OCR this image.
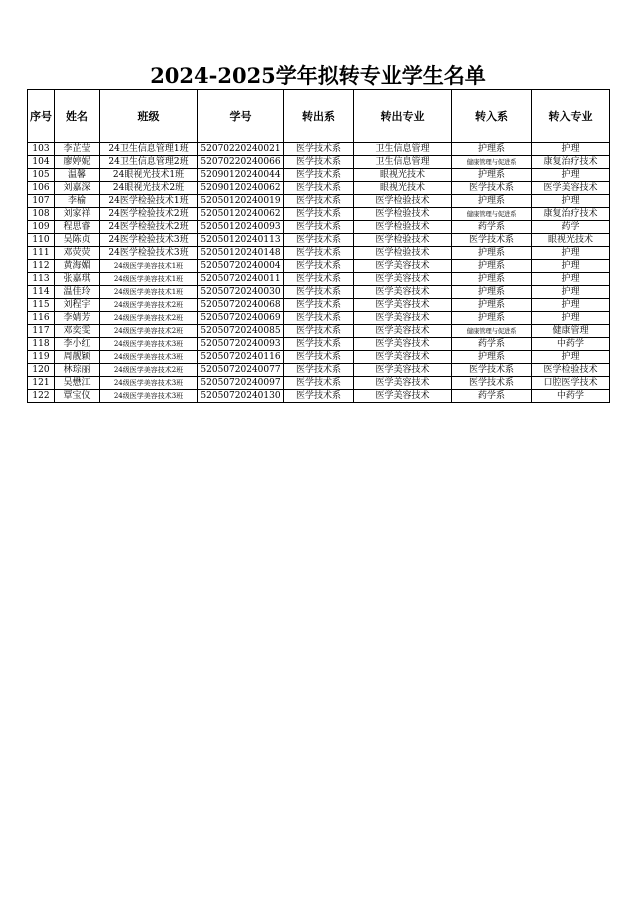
2024-2025学年拟转专业学生名单
序号	姓名	班级	学号	转出系	转出专业	转入系	转入专业
103	李芷莹	24卫生信息管理1班	52070220240021	医学技术系	卫生信息管理	护理系	护理
104	廖婷妮	24卫生信息管理2班	52070220240066	医学技术系	卫生信息管理	健康管理与促进系	康复治疗技术
105	温馨	24眼视光技术1班	52090120240044	医学技术系	眼视光技术	护理系	护理
106	刘嘉深	24眼视光技术2班	52090120240062	医学技术系	眼视光技术	医学技术系	医学美容技术
107	李榆	24医学检验技术1班	52050120240019	医学技术系	医学检验技术	护理系	护理
108	刘家祥	24医学检验技术2班	52050120240062	医学技术系	医学检验技术	健康管理与促进系	康复治疗技术
109	程思睿	24医学检验技术2班	52050120240093	医学技术系	医学检验技术	药学系	药学
110	吴陈贞	24医学检验技术3班	52050120240113	医学技术系	医学检验技术	医学技术系	眼视光技术
111	邓荧荧	24医学检验技术3班	52050120240148	医学技术系	医学检验技术	护理系	护理
112	黄海媚	24级医学美容技术1班	52050720240004	医学技术系	医学美容技术	护理系	护理
113	张嘉琪	24级医学美容技术1班	52050720240011	医学技术系	医学美容技术	护理系	护理
114	温佳玲	24级医学美容技术1班	52050720240030	医学技术系	医学美容技术	护理系	护理
115	刘程宇	24级医学美容技术2班	52050720240068	医学技术系	医学美容技术	护理系	护理
116	李婧芳	24级医学美容技术2班	52050720240069	医学技术系	医学美容技术	护理系	护理
117	邓奕雯	24级医学美容技术2班	52050720240085	医学技术系	医学美容技术	健康管理与促进系	健康管理
118	李小红	24级医学美容技术3班	52050720240093	医学技术系	医学美容技术	药学系	中药学
119	周靓颖	24级医学美容技术3班	52050720240116	医学技术系	医学美容技术	护理系	护理
120	林琮丽	24级医学美容技术2班	52050720240077	医学技术系	医学美容技术	医学技术系	医学检验技术
121	吴懋江	24级医学美容技术3班	52050720240097	医学技术系	医学美容技术	医学技术系	口腔医学技术
122	覃宝仪	24级医学美容技术3班	52050720240130	医学技术系	医学美容技术	药学系	中药学
